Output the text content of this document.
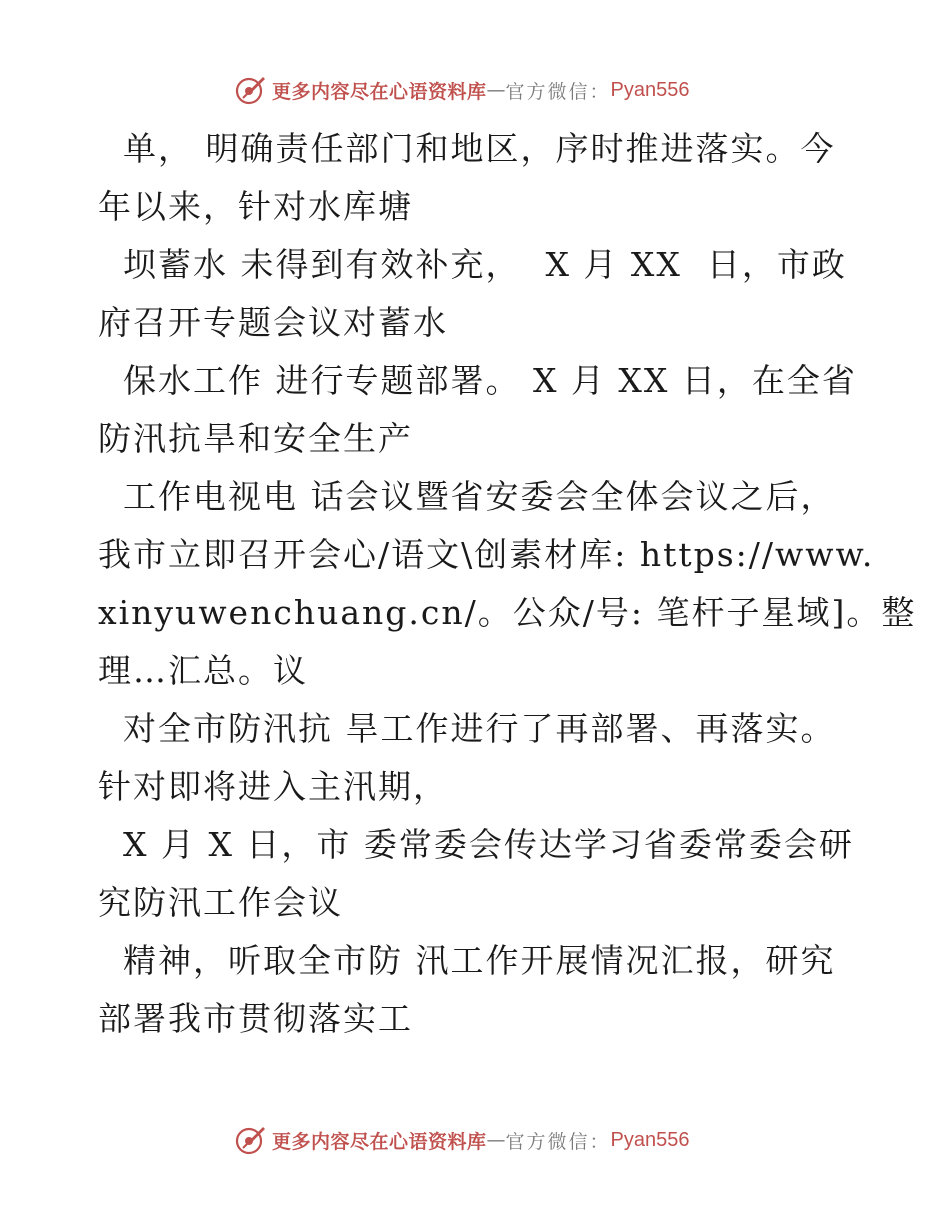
更多内容尽在心语资料库 — 官方微信： Pyan556
单， 明确责任部门和地区，序时推进落实。今
年以来，针对水库塘
坝蓄水 未得到有效补充，  X 月 XX  日，市政
府召开专题会议对蓄水
保水工作 进行专题部署。 X 月 XX 日，在全省
防汛抗旱和安全生产
工作电视电 话会议暨省安委会全体会议之后，
我市立即召开会心/语文\创素材库: https://www.
xinyuwenchuang.cn/。公众/号: 笔杆子星域]。整
理…汇总。议
对全市防汛抗 旱工作进行了再部署、再落实。
针对即将进入主汛期，
X 月 X 日，市 委常委会传达学习省委常委会研
究防汛工作会议
精神，听取全市防 汛工作开展情况汇报，研究
部署我市贯彻落实工
更多内容尽在心语资料库 — 官方微信： Pyan556
